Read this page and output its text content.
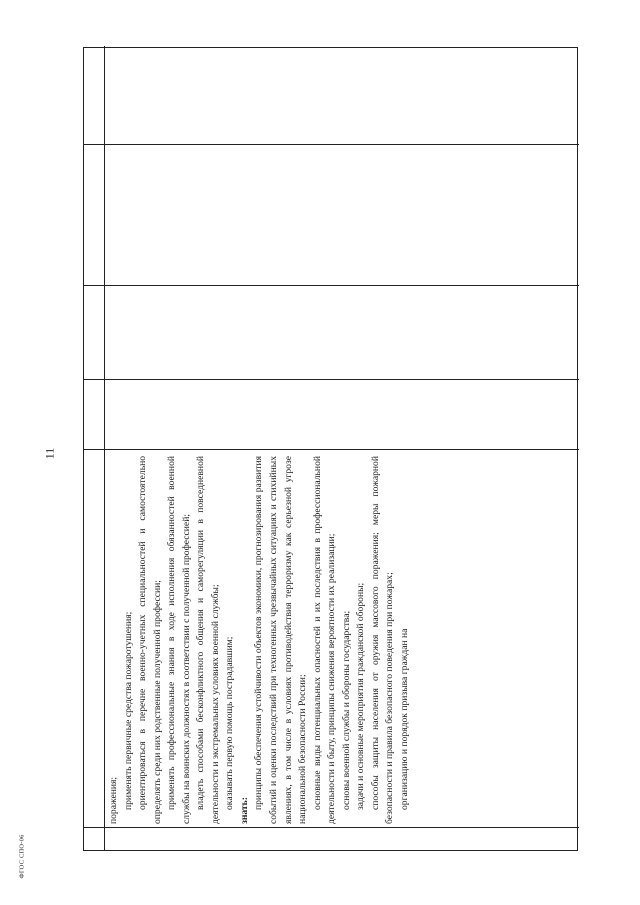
11
ФГОС СПО-06

поражения; применять первичные средства пожаротушения; ориентироваться в перечне военно-учетных специальностей и самостоятельно определять среди них родственные полученной профессии; применять профессиональные знания в ходе исполнения обязанностей военной службы на воинских должностях в соответствии с полученной профессией; владеть способами бесконфликтного общения и саморегуляции в повседневной деятельности и экстремальных условиях военной службы; оказывать первую помощь пострадавшим;

знать:

принципы обеспечения устойчивости объектов экономики, прогнозирования развития событий и оценки последствий при техногенных чрезвычайных ситуациях и стихийных явлениях, в том числе в условиях противодействия терроризму как серьезной угрозе национальной безопасности России; основные виды потенциальных опасностей и их последствия в профессиональной деятельности и быту, принципы снижения вероятности их реализации; основы военной службы и обороны государства; задачи и основные мероприятия гражданской обороны; способы защиты населения от оружия массового поражения; меры пожарной безопасности и правила безопасного поведения при пожарах; организацию и порядок призыва граждан на
